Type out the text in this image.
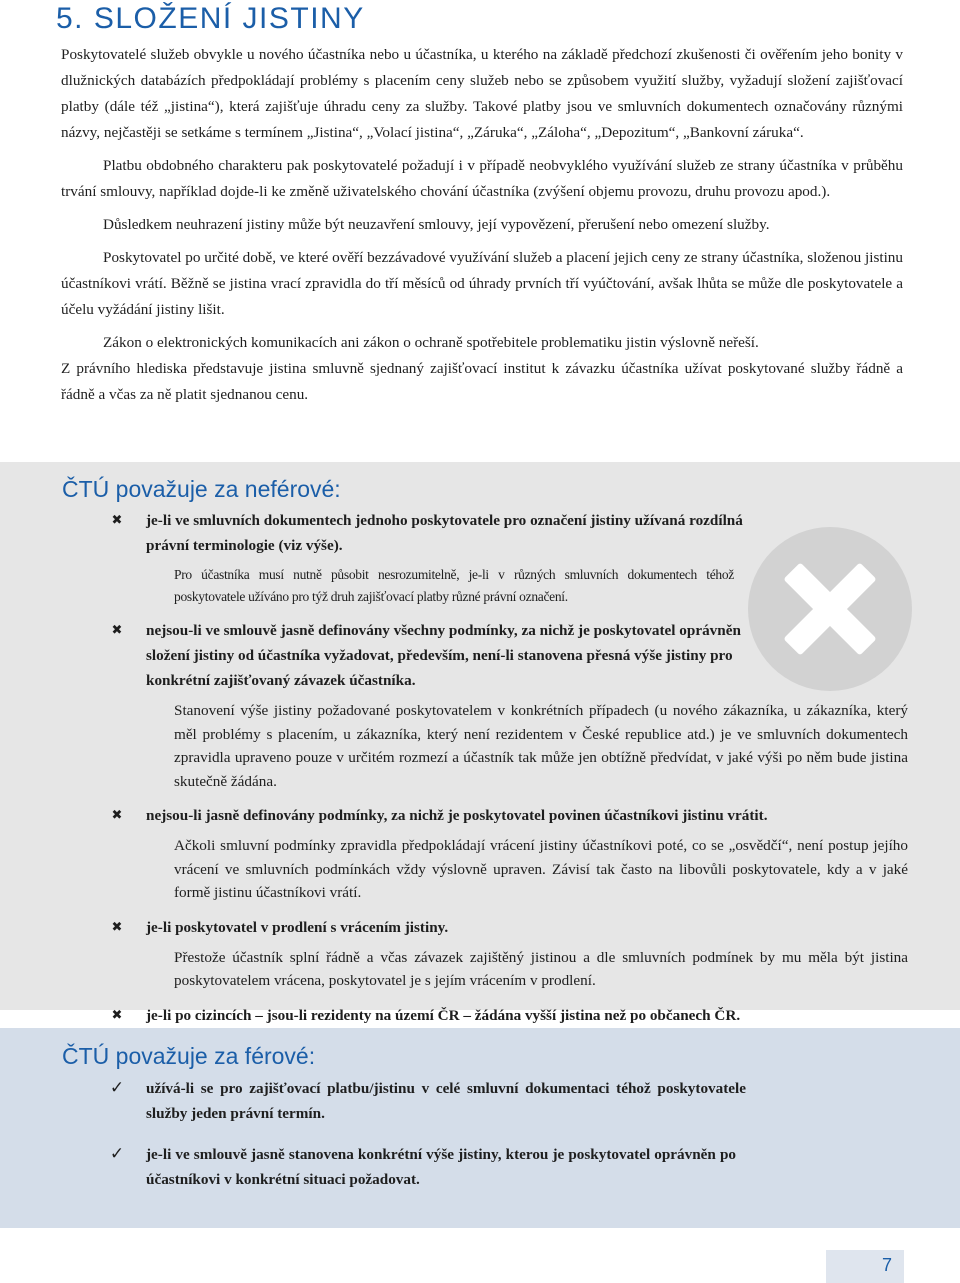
5. SLOŽENÍ JISTINY

Poskytovatelé služeb obvykle u nového účastníka nebo u účastníka, u kterého na základě předchozí zkušenosti či ověřením jeho bonity v dlužnických databázích předpokládají problémy s placením ceny služeb nebo se způsobem využití služby, vyžadují složení zajišťovací platby (dále též „jistina“), která zajišťuje úhradu ceny za služby. Takové platby jsou ve smluvních dokumentech označovány různými názvy, nejčastěji se setkáme s termínem „Jistina“, „Volací jistina“, „Záruka“, „Záloha“, „Depozitum“, „Bankovní záruka“.

Platbu obdobného charakteru pak poskytovatelé požadují i v případě neobvyklého využívání služeb ze strany účastníka v průběhu trvání smlouvy, například dojde-li ke změně uživatelského chování účastníka (zvýšení objemu provozu, druhu provozu apod.).

Důsledkem neuhrazení jistiny může být neuzavření smlouvy, její vypovězení, přerušení nebo omezení služby.

Poskytovatel po určité době, ve které ověří bezzávadové využívání služeb a placení jejich ceny ze strany účastníka, složenou jistinu účastníkovi vrátí. Běžně se jistina vrací zpravidla do tří měsíců od úhrady prvních tří vyúčtování, avšak lhůta se může dle poskytovatele a účelu vyžádání jistiny lišit.

Zákon o elektronických komunikacích ani zákon o ochraně spotřebitele problematiku jistin výslovně neřeší.

Z právního hlediska představuje jistina smluvně sjednaný zajišťovací institut k závazku účastníka užívat poskytované služby řádně a řádně a včas za ně platit sjednanou cenu.

ČTÚ považuje za neférové:
✖ je-li ve smluvních dokumentech jednoho poskytovatele pro označení jistiny užívaná rozdílná právní terminologie (viz výše).

Pro účastníka musí nutně působit nesrozumitelně, je-li v různých smluvních dokumentech téhož poskytovatele užíváno pro týž druh zajišťovací platby různé právní označení.

✖ nejsou-li ve smlouvě jasně definovány všechny podmínky, za nichž je poskytovatel oprávněn složení jistiny od účastníka vyžadovat, především, není-li stanovena přesná výše jistiny pro konkrétní zajišťovaný závazek účastníka.

Stanovení výše jistiny požadované poskytovatelem v konkrétních případech (u nového zákazníka, u zákazníka, který měl problémy s placením, u zákazníka, který není rezidentem v České republice atd.) je ve smluvních dokumentech zpravidla upraveno pouze v určitém rozmezí a účastník tak může jen obtížně předvídat, v jaké výši po něm bude jistina skutečně žádána.

✖ nejsou-li jasně definovány podmínky, za nichž je poskytovatel povinen účastníkovi jistinu vrátit.

Ačkoli smluvní podmínky zpravidla předpokládají vrácení jistiny účastníkovi poté, co se „osvědčí“, není postup jejího vrácení ve smluvních podmínkách vždy výslovně upraven. Závisí tak často na libovůli poskytovatele, kdy a v jaké formě jistinu účastníkovi vrátí.

✖ je-li poskytovatel v prodlení s vrácením jistiny.

Přestože účastník splní řádně a včas závazek zajištěný jistinou a dle smluvních podmínek by mu měla být jistina poskytovatelem vrácena, poskytovatel je s jejím vrácením v prodlení.

✖ je-li po cizincích – jsou-li rezidenty na území ČR – žádána vyšší jistina než po občanech ČR.

ČTÚ považuje za férové:
✓ užívá-li se pro zajišťovací platbu/jistinu v celé smluvní dokumentaci téhož poskytovatele služby jeden právní termín.

✓ je-li ve smlouvě jasně stanovena konkrétní výše jistiny, kterou je poskytovatel oprávněn po účastníkovi v konkrétní situaci požadovat.

7
